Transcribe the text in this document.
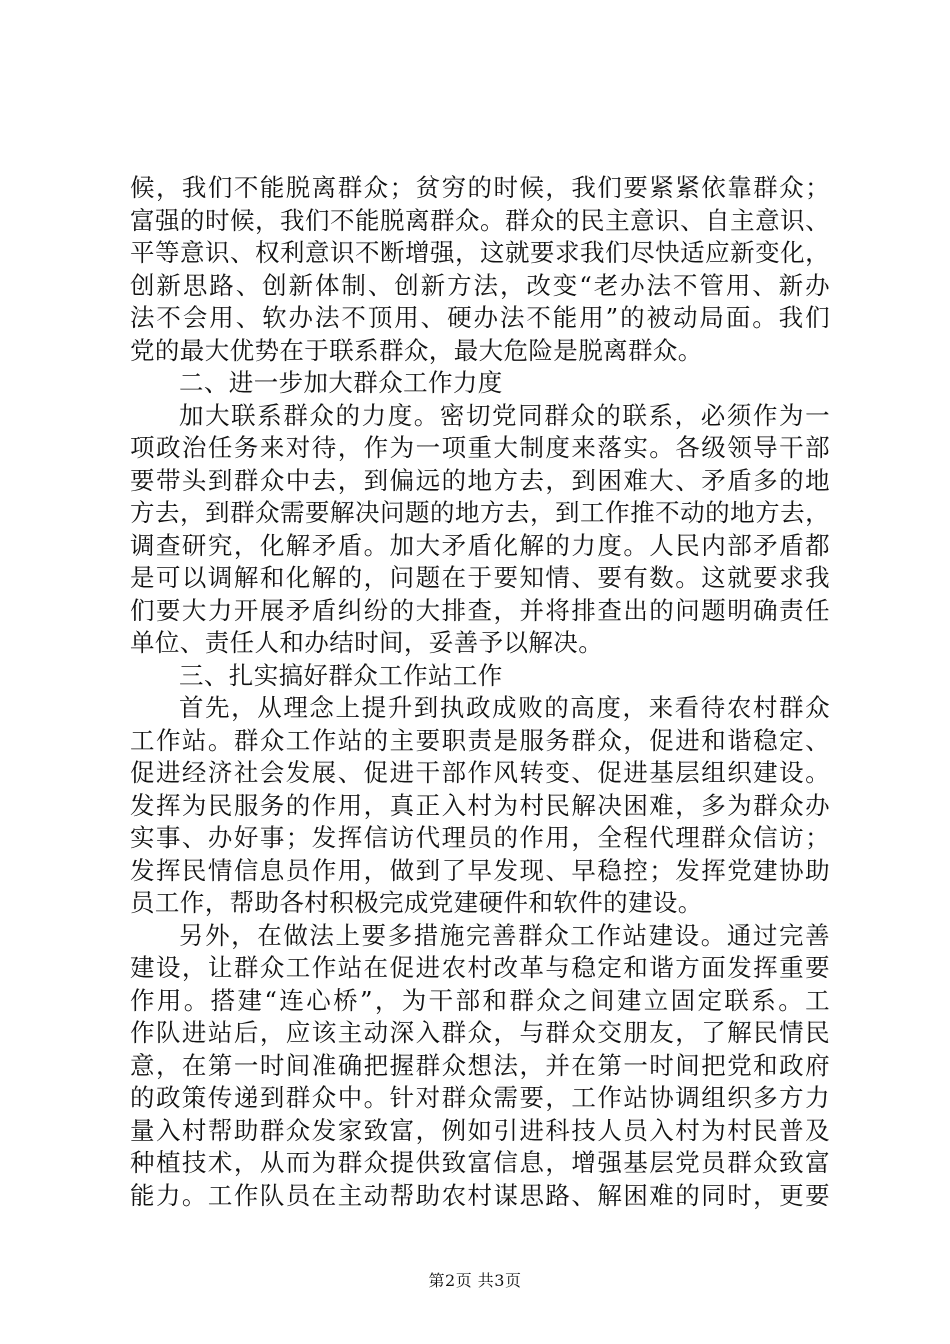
候，我们不能脱离群众；贫穷的时候，我们要紧紧依靠群众；
富强的时候，我们不能脱离群众。群众的民主意识、自主意识、
平等意识、权利意识不断增强，这就要求我们尽快适应新变化，
创新思路、创新体制、创新方法，改变“老办法不管用、新办
法不会用、软办法不顶用、硬办法不能用”的被动局面。我们
党的最大优势在于联系群众，最大危险是脱离群众。
二、进一步加大群众工作力度
加大联系群众的力度。密切党同群众的联系，必须作为一
项政治任务来对待，作为一项重大制度来落实。各级领导干部
要带头到群众中去，到偏远的地方去，到困难大、矛盾多的地
方去，到群众需要解决问题的地方去，到工作推不动的地方去，
调查研究，化解矛盾。加大矛盾化解的力度。人民内部矛盾都
是可以调解和化解的，问题在于要知情、要有数。这就要求我
们要大力开展矛盾纠纷的大排查，并将排查出的问题明确责任
单位、责任人和办结时间，妥善予以解决。
三、扎实搞好群众工作站工作
首先，从理念上提升到执政成败的高度，来看待农村群众
工作站。群众工作站的主要职责是服务群众，促进和谐稳定、
促进经济社会发展、促进干部作风转变、促进基层组织建设。
发挥为民服务的作用，真正入村为村民解决困难，多为群众办
实事、办好事；发挥信访代理员的作用，全程代理群众信访；
发挥民情信息员作用，做到了早发现、早稳控；发挥党建协助
员工作，帮助各村积极完成党建硬件和软件的建设。
另外，在做法上要多措施完善群众工作站建设。通过完善
建设，让群众工作站在促进农村改革与稳定和谐方面发挥重要
作用。搭建“连心桥”，为干部和群众之间建立固定联系。工
作队进站后，应该主动深入群众，与群众交朋友，了解民情民
意，在第一时间准确把握群众想法，并在第一时间把党和政府
的政策传递到群众中。针对群众需要，工作站协调组织多方力
量入村帮助群众发家致富，例如引进科技人员入村为村民普及
种植技术，从而为群众提供致富信息，增强基层党员群众致富
能力。工作队员在主动帮助农村谋思路、解困难的同时，更要
第2页 共3页
